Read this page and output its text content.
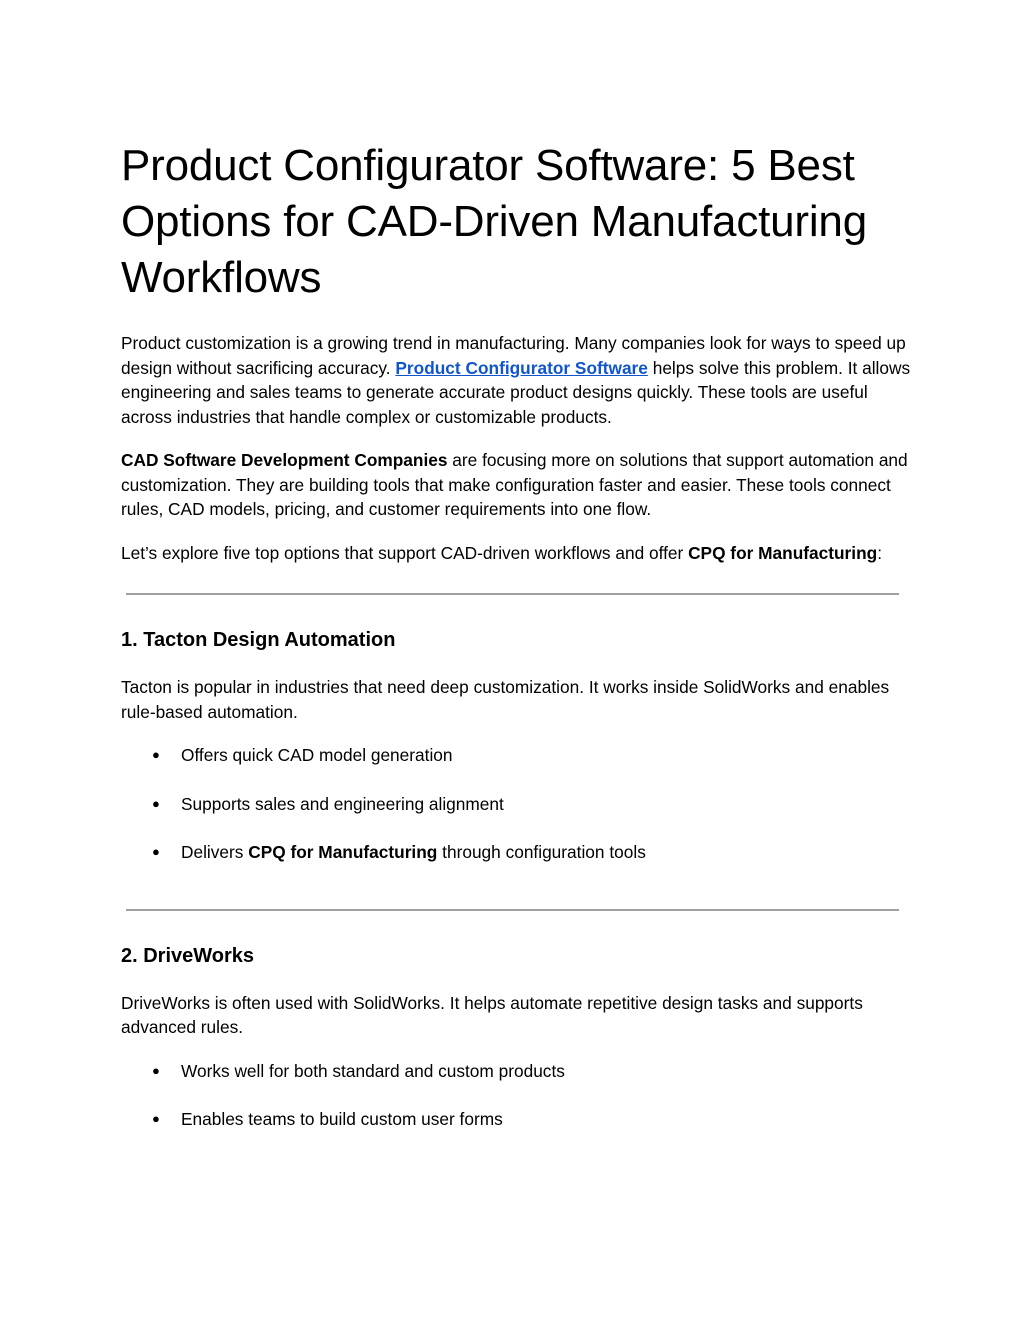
Product Configurator Software: 5 Best Options for CAD-Driven Manufacturing Workflows

Product customization is a growing trend in manufacturing. Many companies look for ways to speed up design without sacrificing accuracy. Product Configurator Software helps solve this problem. It allows engineering and sales teams to generate accurate product designs quickly. These tools are useful across industries that handle complex or customizable products.

CAD Software Development Companies are focusing more on solutions that support automation and customization. They are building tools that make configuration faster and easier. These tools connect rules, CAD models, pricing, and customer requirements into one flow.

Let’s explore five top options that support CAD-driven workflows and offer CPQ for Manufacturing:

1. Tacton Design Automation

Tacton is popular in industries that need deep customization. It works inside SolidWorks and enables rule-based automation.

● Offers quick CAD model generation
● Supports sales and engineering alignment
● Delivers CPQ for Manufacturing through configuration tools
2. DriveWorks

DriveWorks is often used with SolidWorks. It helps automate repetitive design tasks and supports advanced rules.

● Works well for both standard and custom products
● Enables teams to build custom user forms
